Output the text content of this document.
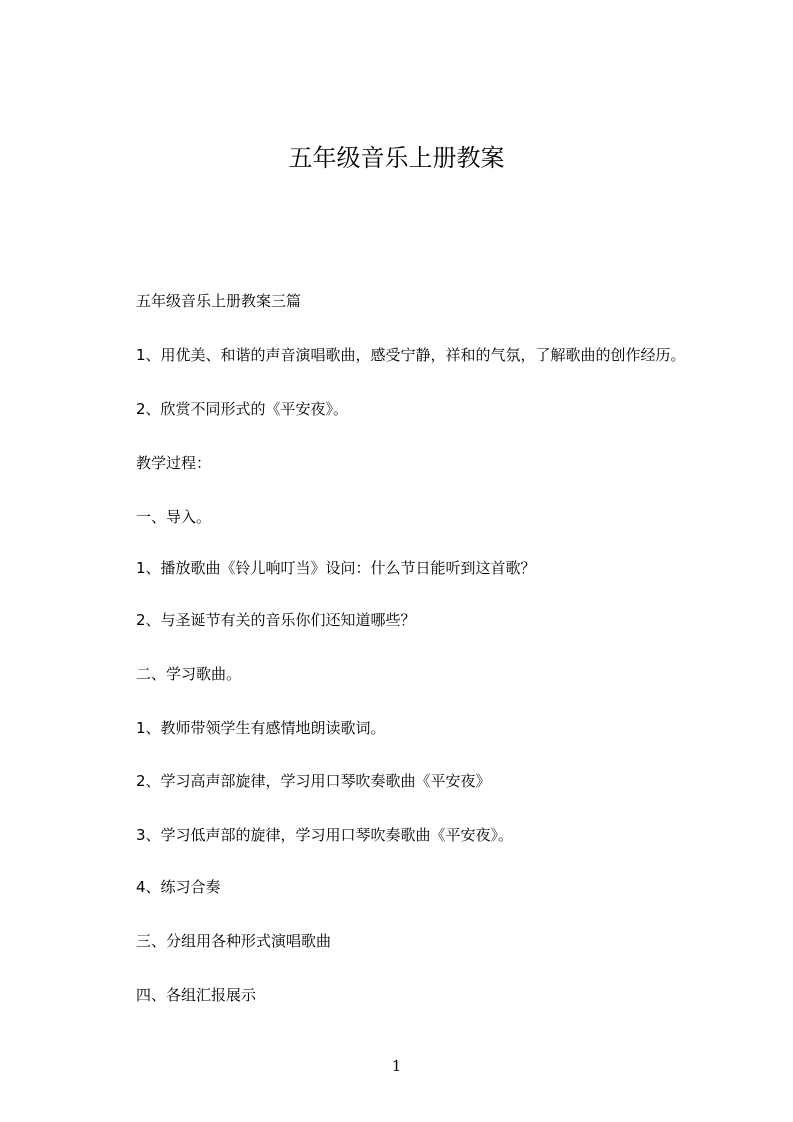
五年级音乐上册教案
五年级音乐上册教案三篇
1、用优美、和谐的声音演唱歌曲，感受宁静，祥和的气氛，了解歌曲的创作经历。
2、欣赏不同形式的《平安夜》。
教学过程：
一、导入。
1、播放歌曲《铃儿响叮当》设问：什么节日能听到这首歌？
2、与圣诞节有关的音乐你们还知道哪些？
二、学习歌曲。
1、教师带领学生有感情地朗读歌词。
2、学习高声部旋律，学习用口琴吹奏歌曲《平安夜》
3、学习低声部的旋律，学习用口琴吹奏歌曲《平安夜》。
4、练习合奏
三、分组用各种形式演唱歌曲
四、各组汇报展示
1
